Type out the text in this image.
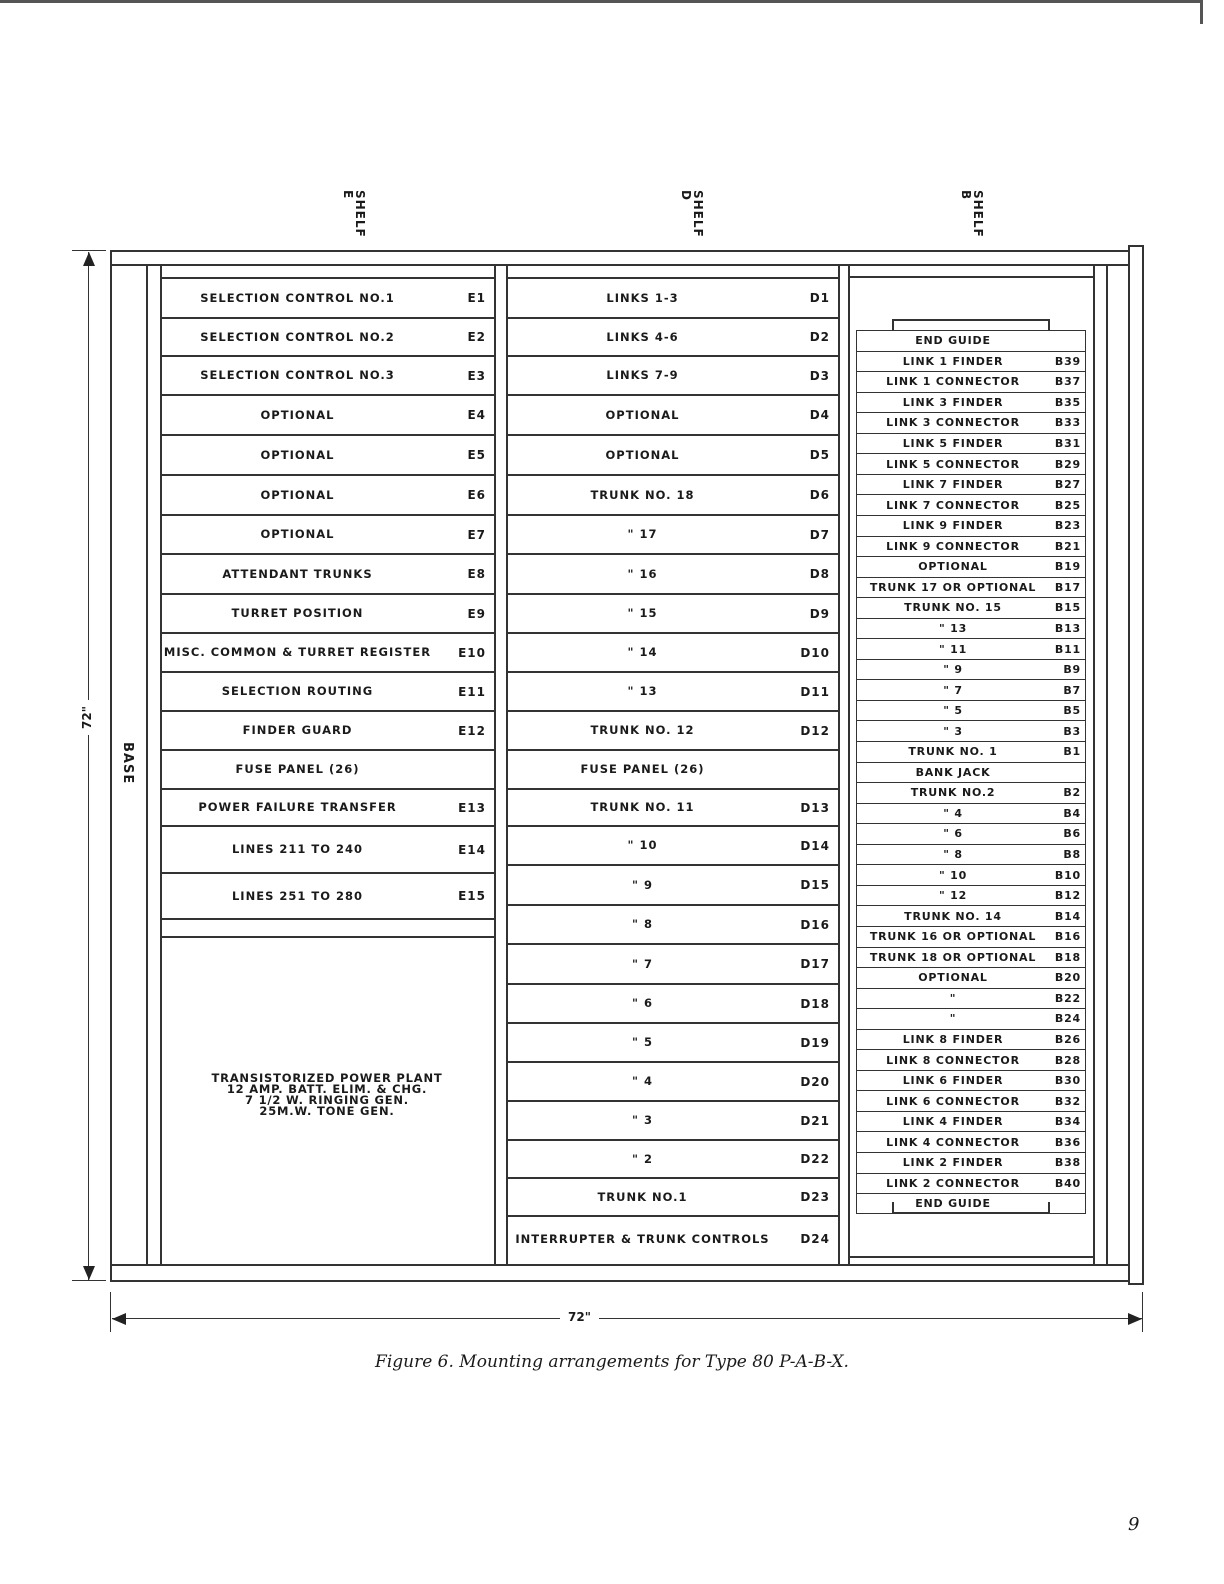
SHELF E	SHELF D	SHELF B
BASE
SELECTION CONTROL NO.1	E1
SELECTION CONTROL NO.2	E2
SELECTION CONTROL NO.3	E3
OPTIONAL	E4
OPTIONAL	E5
OPTIONAL	E6
OPTIONAL	E7
ATTENDANT TRUNKS	E8
TURRET POSITION	E9
MISC. COMMON & TURRET REGISTER E10
SELECTION ROUTING	E11
FINDER GUARD	E12
FUSE PANEL (26)
POWER FAILURE TRANSFER	E13
LINES 211 TO 240	E14
LINES 251 TO 280	E15
TRANSISTORIZED POWER PLANT
12 AMP. BATT. ELIM. & CHG.
7 1/2 W. RINGING GEN.
25M.W. TONE GEN.
LINKS 1-3	D1
LINKS 4-6	D2
LINKS 7-9	D3
OPTIONAL	D4
OPTIONAL	D5
TRUNK NO. 18	D6
" 17	D7
" 16	D8
" 15	D9
" 14	D10
" 13	D11
TRUNK NO. 12	D12
FUSE PANEL (26)
TRUNK NO. 11	D13
" 10	D14
" 9	D15
" 8	D16
" 7	D17
" 6	D18
" 5	D19
" 4	D20
" 3	D21
" 2	D22
TRUNK NO.1	D23
INTERRUPTER & TRUNK CONTROLS	D24
END GUIDE
LINK 1 FINDER	B39
LINK 1 CONNECTOR	B37
LINK 3 FINDER	B35
LINK 3 CONNECTOR	B33
LINK 5 FINDER	B31
LINK 5 CONNECTOR	B29
LINK 7 FINDER	B27
LINK 7 CONNECTOR	B25
LINK 9 FINDER	B23
LINK 9 CONNECTOR	B21
OPTIONAL	B19
TRUNK 17 OR OPTIONAL	B17
TRUNK NO. 15	B15
" 13	B13
" 11	B11
" 9	B9
" 7	B7
" 5	B5
" 3	B3
TRUNK NO. 1	B1
BANK JACK
TRUNK NO.2	B2
" 4	B4
" 6	B6
" 8	B8
" 10	B10
" 12	B12
TRUNK NO. 14	B14
TRUNK 16 OR OPTIONAL	B16
TRUNK 18 OR OPTIONAL	B18
OPTIONAL	B20
"	B22
"	B24
LINK 8 FINDER	B26
LINK 8 CONNECTOR	B28
LINK 6 FINDER	B30
LINK 6 CONNECTOR	B32
LINK 4 FINDER	B34
LINK 4 CONNECTOR	B36
LINK 2 FINDER	B38
LINK 2 CONNECTOR	B40
END GUIDE
72"
72"
Figure 6. Mounting arrangements for Type 80 P-A-B-X.
9
